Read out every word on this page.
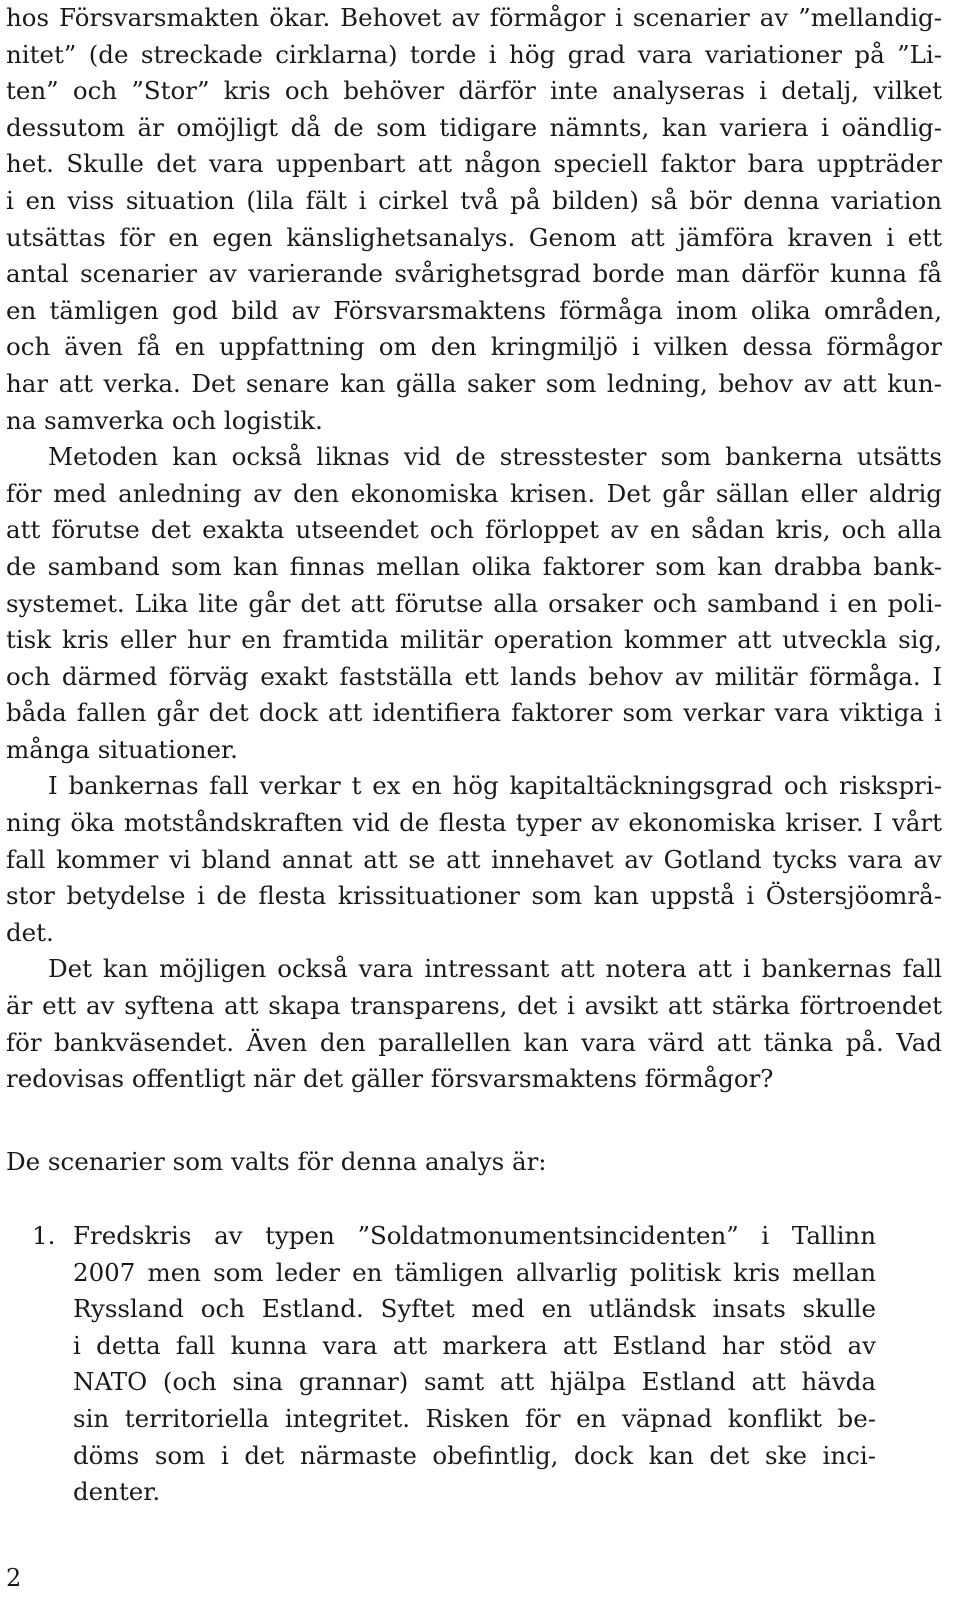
hos Försvarsmakten ökar. Behovet av förmågor i scenarier av ”mellandig-
nitet” (de streckade cirklarna) torde i hög grad vara variationer på ”Li-
ten” och ”Stor” kris och behöver därför inte analyseras i detalj, vilket
dessutom är omöjligt då de som tidigare nämnts, kan variera i oändlig-
het. Skulle det vara uppenbart att någon speciell faktor bara uppträder
i en viss situation (lila fält i cirkel två på bilden) så bör denna variation
utsättas för en egen känslighetsanalys. Genom att jämföra kraven i ett
antal scenarier av varierande svårighetsgrad borde man därför kunna få
en tämligen god bild av Försvarsmaktens förmåga inom olika områden,
och även få en uppfattning om den kringmiljö i vilken dessa förmågor
har att verka. Det senare kan gälla saker som ledning, behov av att kun-
na samverka och logistik.
Metoden kan också liknas vid de stresstester som bankerna utsätts
för med anledning av den ekonomiska krisen. Det går sällan eller aldrig
att förutse det exakta utseendet och förloppet av en sådan kris, och alla
de samband som kan finnas mellan olika faktorer som kan drabba bank-
systemet. Lika lite går det att förutse alla orsaker och samband i en poli-
tisk kris eller hur en framtida militär operation kommer att utveckla sig,
och därmed förväg exakt fastställa ett lands behov av militär förmåga. I
båda fallen går det dock att identifiera faktorer som verkar vara viktiga i
många situationer.
I bankernas fall verkar t ex en hög kapitaltäckningsgrad och riskspri-
ning öka motståndskraften vid de flesta typer av ekonomiska kriser. I vårt
fall kommer vi bland annat att se att innehavet av Gotland tycks vara av
stor betydelse i de flesta krissituationer som kan uppstå i Östersjöområ-
det.
Det kan möjligen också vara intressant att notera att i bankernas fall
är ett av syftena att skapa transparens, det i avsikt att stärka förtroendet
för bankväsendet. Även den parallellen kan vara värd att tänka på. Vad
redovisas offentligt när det gäller försvarsmaktens förmågor?

De scenarier som valts för denna analys är:

1. Fredskris av typen ”Soldatmonumentsincidenten” i Tallinn
2007 men som leder en tämligen allvarlig politisk kris mellan
Ryssland och Estland. Syftet med en utländsk insats skulle
i detta fall kunna vara att markera att Estland har stöd av
NATO (och sina grannar) samt att hjälpa Estland att hävda
sin territoriella integritet. Risken för en väpnad konflikt be-
döms som i det närmaste obefintlig, dock kan det ske inci-
denter.
2
